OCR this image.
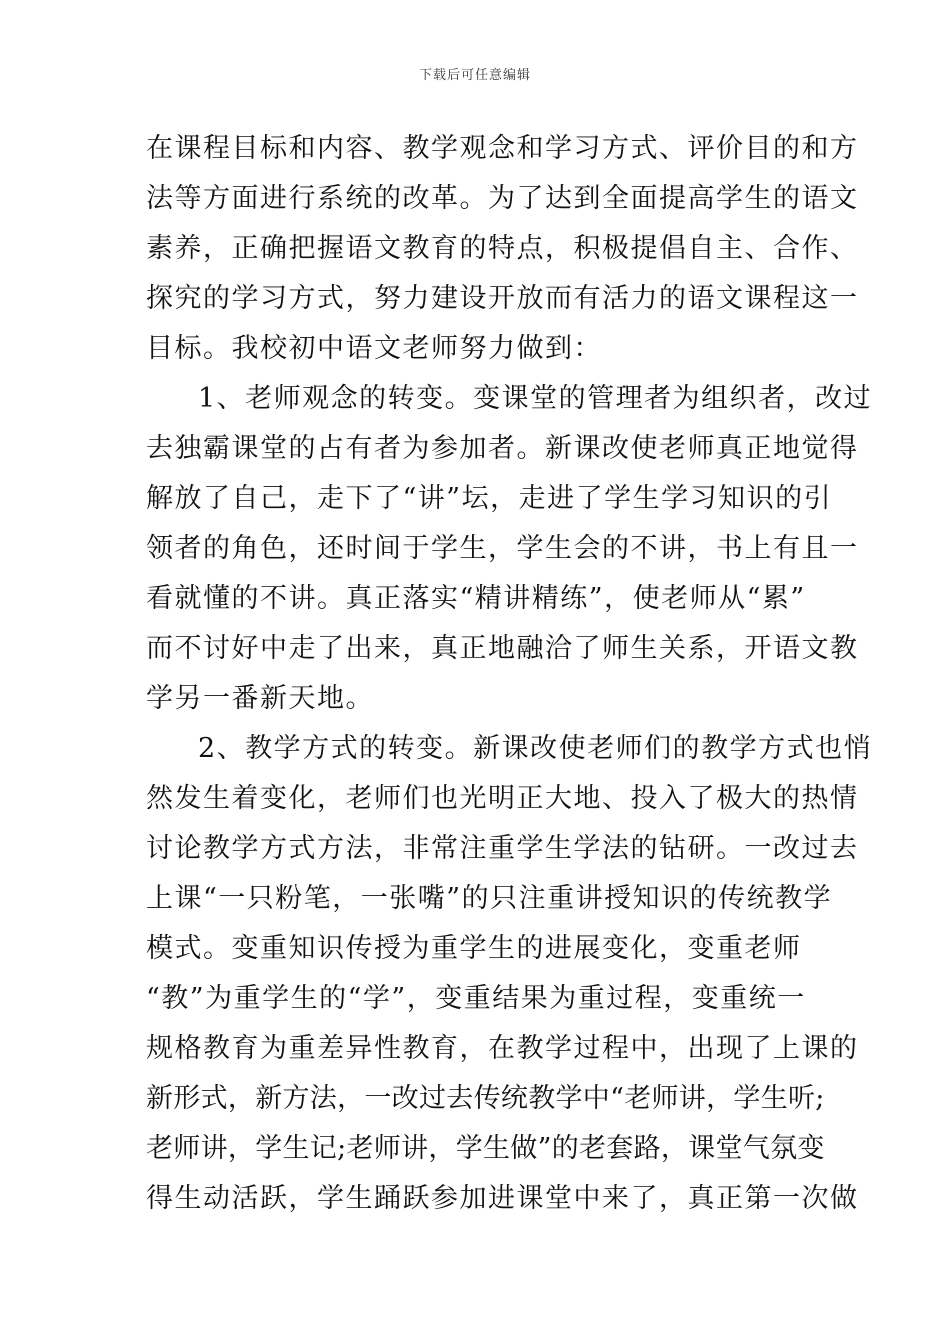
下载后可任意编辑
在课程目标和内容、教学观念和学习方式、评价目的和方
法等方面进行系统的改革。为了达到全面提高学生的语文
素养，正确把握语文教育的特点，积极提倡自主、合作、
探究的学习方式，努力建设开放而有活力的语文课程这一
目标。我校初中语文老师努力做到：
1、老师观念的转变。变课堂的管理者为组织者，改过
去独霸课堂的占有者为参加者。新课改使老师真正地觉得
解放了自己，走下了“讲”坛，走进了学生学习知识的引
领者的角色，还时间于学生，学生会的不讲，书上有且一
看就懂的不讲。真正落实“精讲精练”，使老师从“累”
而不讨好中走了出来，真正地融洽了师生关系，开语文教
学另一番新天地。
2、教学方式的转变。新课改使老师们的教学方式也悄
然发生着变化，老师们也光明正大地、投入了极大的热情
讨论教学方式方法，非常注重学生学法的钻研。一改过去
上课“一只粉笔，一张嘴”的只注重讲授知识的传统教学
模式。变重知识传授为重学生的进展变化，变重老师
“教”为重学生的“学”，变重结果为重过程，变重统一
规格教育为重差异性教育，在教学过程中，出现了上课的
新形式，新方法，一改过去传统教学中“老师讲，学生听;
老师讲，学生记;老师讲，学生做”的老套路，课堂气氛变
得生动活跃，学生踊跃参加进课堂中来了，真正第一次做
